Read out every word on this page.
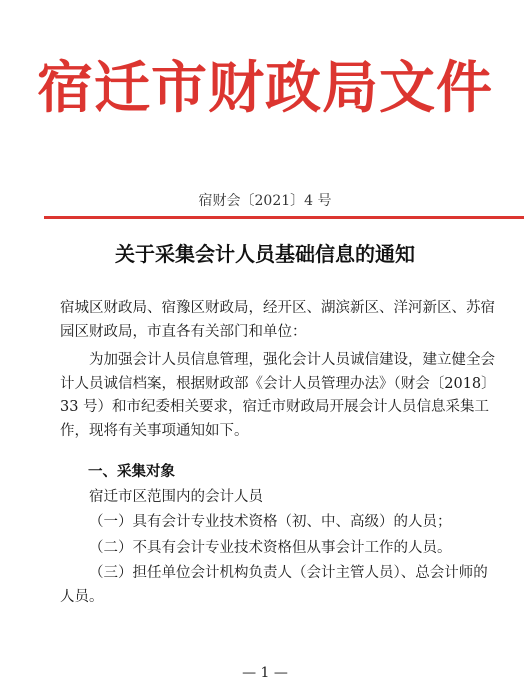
宿迁市财政局文件
宿财会〔2021〕4 号
关于采集会计人员基础信息的通知
宿城区财政局、宿豫区财政局，经开区、湖滨新区、洋河新区、苏宿园区财政局，市直各有关部门和单位：
为加强会计人员信息管理，强化会计人员诚信建设，建立健全会计人员诚信档案，根据财政部《会计人员管理办法》（财会〔2018〕33 号）和市纪委相关要求，宿迁市财政局开展会计人员信息采集工作，现将有关事项通知如下。
一、采集对象
宿迁市区范围内的会计人员

（一）具有会计专业技术资格（初、中、高级）的人员；

（二）不具有会计专业技术资格但从事会计工作的人员。

（三）担任单位会计机构负责人（会计主管人员）、总会计师的人员。

— 1 —
